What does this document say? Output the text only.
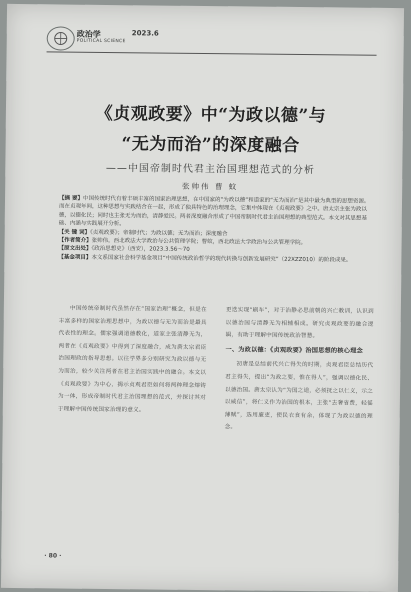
政治学	2023.6
POLITICAL SCIENCE
《贞观政要》中“为政以德”与
“无为而治”的深度融合
——中国帝制时代君主治国理想范式的分析
张帅伟 曹 蚊

【摘 要】中国传统时代有着丰硕丰富的国家治理思想，在中国家的“为政以德”和道家的“无为而治”是其中最为典型的思想资源。而在贞观年间，这种思想与实践结合在一起，形成了独具特色的治理理念，它集中体现在《贞观政要》之中。唐太宗主张为政以德，以德化民；同时也主张无为而治，清静爱民。两者深度融合形成了中国帝制时代君主治国理想的典型范式。本文对其思想基础、内涵与实践展开分析。

【关 键 词】《贞观政要》；帝制时代；为政以德；无为而治；深度融合

【作者简介】张帅伟，西北政法大学政治与公共管理学院；曹蚊，西北政法大学政治与公共管理学院。

【原文出处】《政治思想史》（西安），2023.3.56～70

【基金项目】本文系国家社会科学基金项目“中国传统政治哲学的现代转换与创新发展研究”（22XZZ010）的阶段成果。

中国传统帝制时代虽然存在“国家治理”概念，但是在丰富多样的国家治理思想中，为政以德与无为而治是最具代表性的理念。儒家强调道德教化，道家主张清静无为，两者在《贞观政要》中得到了深度融合，成为唐太宗君臣治国理政的指导思想。以往学界多分别研究为政以德与无为而治，较少关注两者在君主治国实践中的融合。本文以《贞观政要》为中心，揭示贞观君臣如何将两种理念熔铸为一体，形成帝制时代君主治国理想的范式，并探讨其对于理解中国传统国家治理的意义。

更迭实现“刷车”，对于治静必思前朝的兴亡教训，认识到以德治国与清静无为相辅相成。研究贞观政要的融合逻辑，有助于理解中国传统政治智慧。

一、为政以德：《贞观政要》治国思想的核心理念

初唐是总结前代兴亡得失的时期，贞观君臣总结历代君主得失，提出“为政之要，惟在得人”，强调以德化民、以德治国。唐太宗认为“为国之道，必须抚之以仁义，示之以威信”，将仁义作为治国的根本，主张“去奢省费，轻徭薄赋”，选用廉吏，使民衣食有余，体现了为政以德的理念。

· 80 ·
